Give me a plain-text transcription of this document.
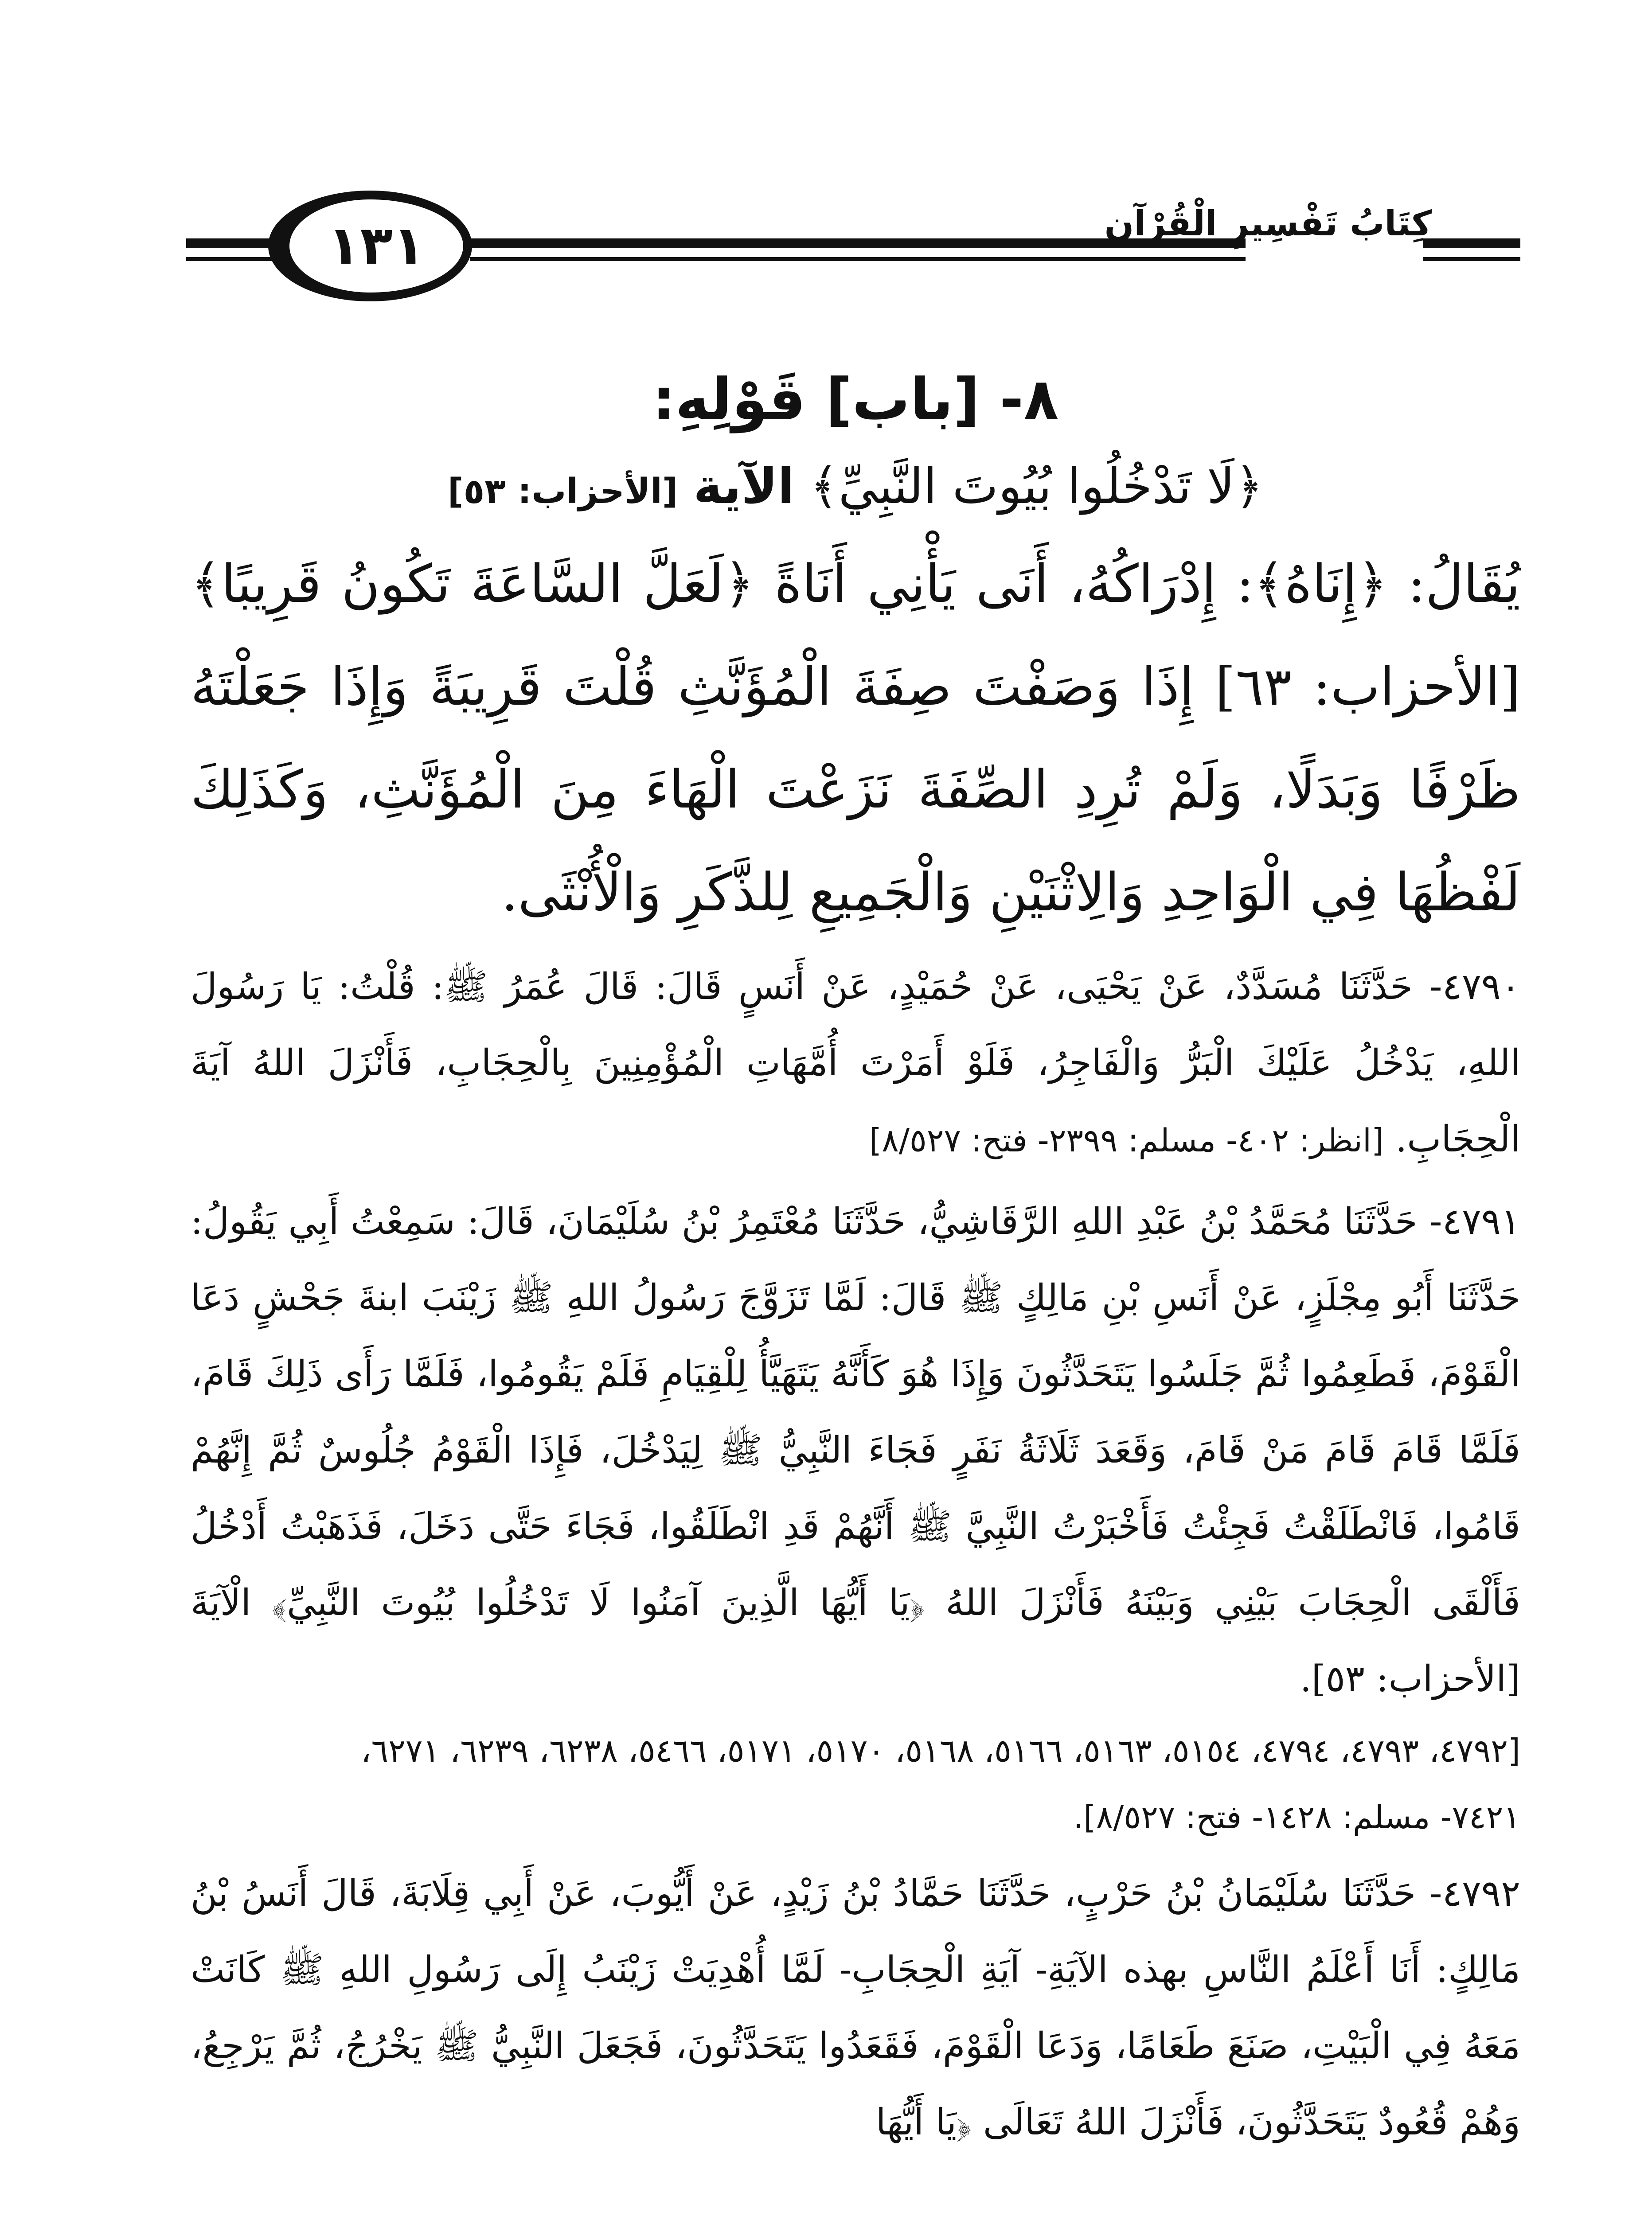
١٣١	كِتَابُ تَفْسِيرِ الْقُرْآنِ
٨- [باب] قَوْلِهِ:

﴿لَا تَدْخُلُوا بُيُوتَ النَّبِيِّ﴾ الآية [الأحزاب: ٥٣]

يُقَالُ: ﴿إِنَاهُ﴾: إِدْرَاكُهُ، أَنَى يَأْنِي أَنَاةً ﴿لَعَلَّ السَّاعَةَ تَكُونُ قَرِيبًا﴾ [الأحزاب: ٦٣] إِذَا وَصَفْتَ صِفَةَ الْمُؤَنَّثِ قُلْتَ قَرِيبَةً وَإِذَا جَعَلْتَهُ ظَرْفًا وَبَدَلًا، وَلَمْ تُرِدِ الصِّفَةَ نَزَعْتَ الْهَاءَ مِنَ الْمُؤَنَّثِ، وَكَذَلِكَ لَفْظُهَا فِي الْوَاحِدِ وَالِاثْنَيْنِ وَالْجَمِيعِ لِلذَّكَرِ وَالْأُنْثَى.

٤٧٩٠- حَدَّثَنَا مُسَدَّدٌ، عَنْ يَحْيَى، عَنْ حُمَيْدٍ، عَنْ أَنَسٍ قَالَ: قَالَ عُمَرُ ﷺ: قُلْتُ: يَا رَسُولَ اللهِ، يَدْخُلُ عَلَيْكَ الْبَرُّ وَالْفَاجِرُ، فَلَوْ أَمَرْتَ أُمَّهَاتِ الْمُؤْمِنِينَ بِالْحِجَابِ، فَأَنْزَلَ اللهُ آيَةَ الْحِجَابِ. [انظر: ٤٠٢- مسلم: ٢٣٩٩- فتح: ٨/٥٢٧]

٤٧٩١- حَدَّثَنَا مُحَمَّدُ بْنُ عَبْدِ اللهِ الرَّقَاشِيُّ، حَدَّثَنَا مُعْتَمِرُ بْنُ سُلَيْمَانَ، قَالَ: سَمِعْتُ أَبِي يَقُولُ: حَدَّثَنَا أَبُو مِجْلَزٍ، عَنْ أَنَسِ بْنِ مَالِكٍ ﷺ قَالَ: لَمَّا تَزَوَّجَ رَسُولُ اللهِ ﷺ زَيْنَبَ ابنةَ جَحْشٍ دَعَا الْقَوْمَ، فَطَعِمُوا ثُمَّ جَلَسُوا يَتَحَدَّثُونَ وَإِذَا هُوَ كَأَنَّهُ يَتَهَيَّأُ لِلْقِيَامِ فَلَمْ يَقُومُوا، فَلَمَّا رَأَى ذَلِكَ قَامَ، فَلَمَّا قَامَ قَامَ مَنْ قَامَ، وَقَعَدَ ثَلَاثَةُ نَفَرٍ فَجَاءَ النَّبِيُّ ﷺ لِيَدْخُلَ، فَإِذَا الْقَوْمُ جُلُوسٌ ثُمَّ إِنَّهُمْ قَامُوا، فَانْطَلَقْتُ فَجِئْتُ فَأَخْبَرْتُ النَّبِيَّ ﷺ أَنَّهُمْ قَدِ انْطَلَقُوا، فَجَاءَ حَتَّى دَخَلَ، فَذَهَبْتُ أَدْخُلُ فَأَلْقَى الْحِجَابَ بَيْنِي وَبَيْنَهُ فَأَنْزَلَ اللهُ ﴿يَا أَيُّهَا الَّذِينَ آمَنُوا لَا تَدْخُلُوا بُيُوتَ النَّبِيِّ﴾ الْآيَةَ [الأحزاب: ٥٣].

[٤٧٩٢، ٤٧٩٣، ٤٧٩٤، ٥١٥٤، ٥١٦٣، ٥١٦٦، ٥١٦٨، ٥١٧٠، ٥١٧١، ٥٤٦٦، ٦٢٣٨، ٦٢٣٩، ٦٢٧١،

٧٤٢١- مسلم: ١٤٢٨- فتح: ٨/٥٢٧].

٤٧٩٢- حَدَّثَنَا سُلَيْمَانُ بْنُ حَرْبٍ، حَدَّثَنَا حَمَّادُ بْنُ زَيْدٍ، عَنْ أَيُّوبَ، عَنْ أَبِي قِلَابَةَ، قَالَ أَنَسُ بْنُ مَالِكٍ: أَنَا أَعْلَمُ النَّاسِ بهذه الآيَةِ- آيَةِ الْحِجَابِ- لَمَّا أُهْدِيَتْ زَيْنَبُ إِلَى رَسُولِ اللهِ ﷺ كَانَتْ مَعَهُ فِي الْبَيْتِ، صَنَعَ طَعَامًا، وَدَعَا الْقَوْمَ، فَقَعَدُوا يَتَحَدَّثُونَ، فَجَعَلَ النَّبِيُّ ﷺ يَخْرُجُ، ثُمَّ يَرْجِعُ، وَهُمْ قُعُودٌ يَتَحَدَّثُونَ، فَأَنْزَلَ اللهُ تَعَالَى ﴿يَا أَيُّهَا
